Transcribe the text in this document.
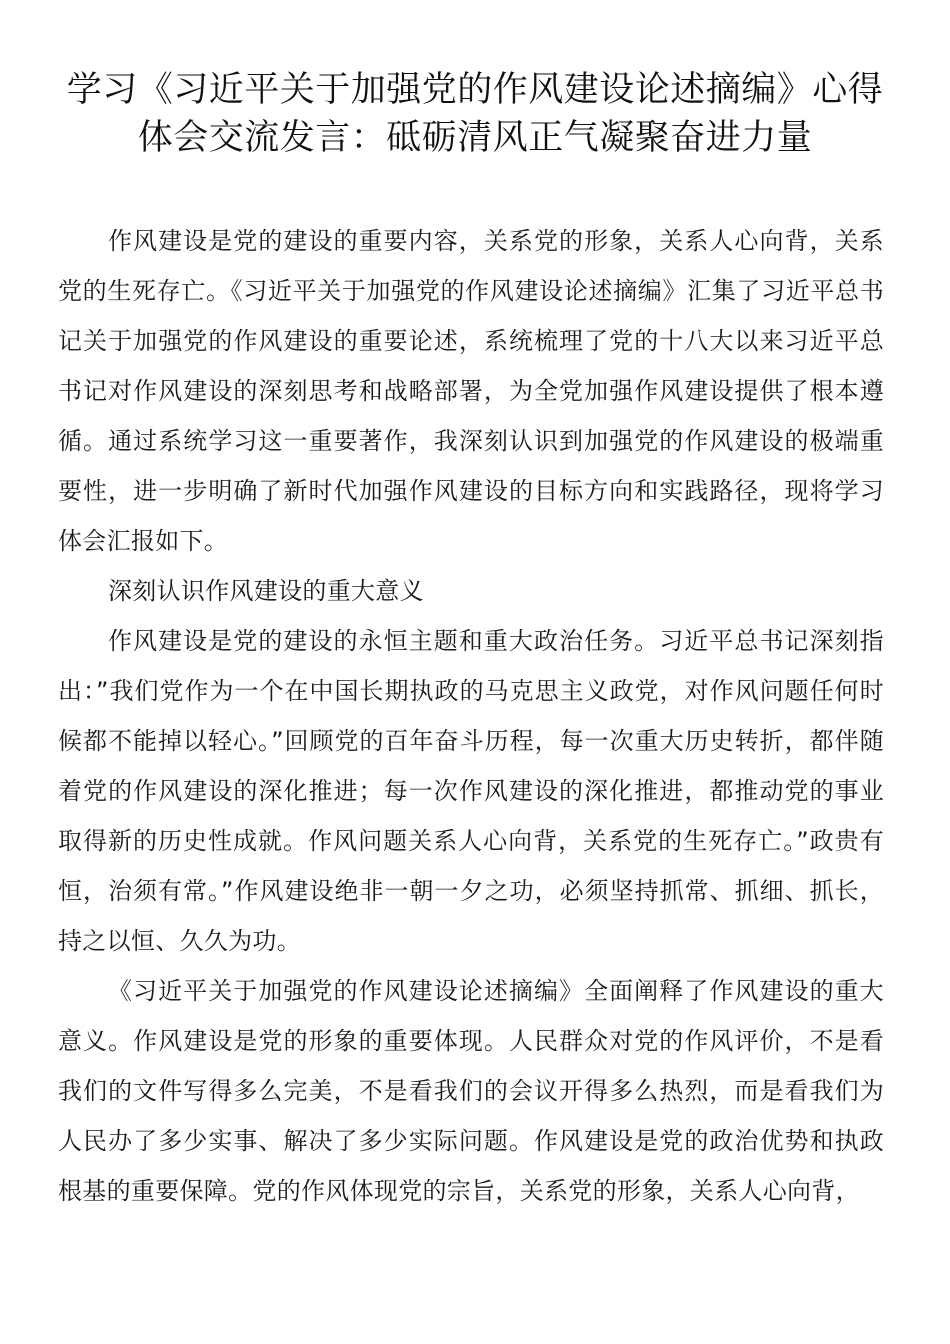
学习《习近平关于加强党的作风建设论述摘编》心得体会交流发言：砥砺清风正气凝聚奋进力量

作风建设是党的建设的重要内容，关系党的形象，关系人心向背，关系党的生死存亡。《习近平关于加强党的作风建设论述摘编》汇集了习近平总书记关于加强党的作风建设的重要论述，系统梳理了党的十八大以来习近平总书记对作风建设的深刻思考和战略部署，为全党加强作风建设提供了根本遵循。通过系统学习这一重要著作，我深刻认识到加强党的作风建设的极端重要性，进一步明确了新时代加强作风建设的目标方向和实践路径，现将学习体会汇报如下。

深刻认识作风建设的重大意义

作风建设是党的建设的永恒主题和重大政治任务。习近平总书记深刻指出：”我们党作为一个在中国长期执政的马克思主义政党，对作风问题任何时候都不能掉以轻心。”回顾党的百年奋斗历程，每一次重大历史转折，都伴随着党的作风建设的深化推进；每一次作风建设的深化推进，都推动党的事业取得新的历史性成就。作风问题关系人心向背，关系党的生死存亡。”政贵有恒，治须有常。”作风建设绝非一朝一夕之功，必须坚持抓常、抓细、抓长，持之以恒、久久为功。

《习近平关于加强党的作风建设论述摘编》全面阐释了作风建设的重大意义。作风建设是党的形象的重要体现。人民群众对党的作风评价，不是看我们的文件写得多么完美，不是看我们的会议开得多么热烈，而是看我们为人民办了多少实事、解决了多少实际问题。作风建设是党的政治优势和执政根基的重要保障。党的作风体现党的宗旨，关系党的形象，关系人心向背，
